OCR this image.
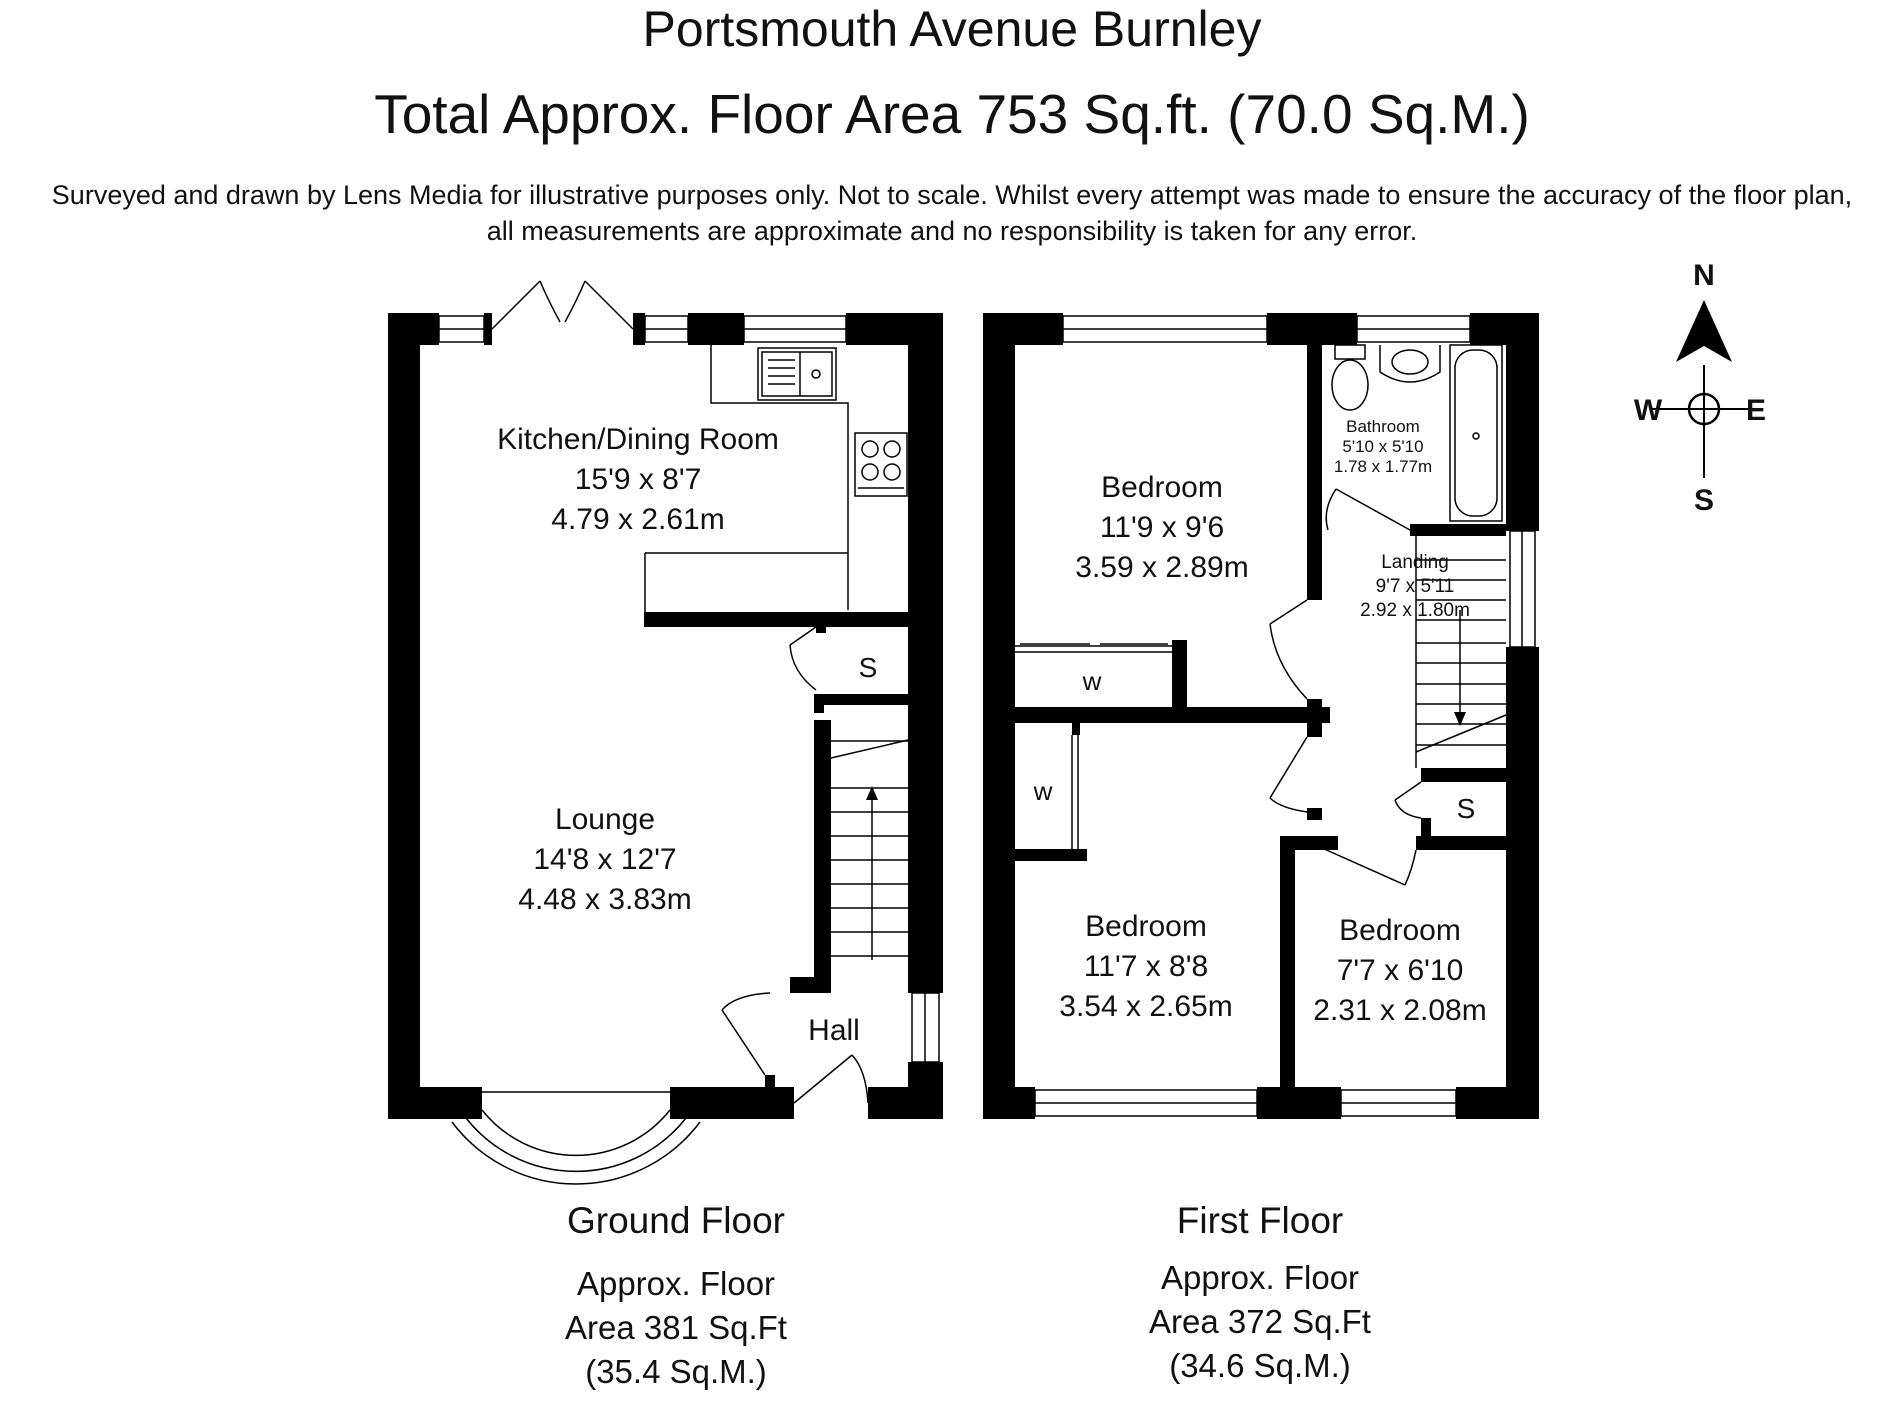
Portsmouth Avenue Burnley
Total Approx. Floor Area 753 Sq.ft. (70.0 Sq.M.)
Surveyed and drawn by Lens Media for illustrative purposes only. Not to scale. Whilst every attempt was made to ensure the accuracy of the floor plan,
all measurements are approximate and no responsibility is taken for any error.
N
S
W	E
Kitchen/Dining Room
15'9 x 8'7
4.79 x 2.61m
Lounge
14'8 x 12'7
4.48 x 3.83m
Hall
S
Bedroom
11'9 x 9'6
3.59 x 2.89m
Bathroom
5'10 x 5'10
1.78 x 1.77m
Landing
9'7 x 5'11
2.92 x 1.80m
Bedroom
11'7 x 8'8
3.54 x 2.65m
Bedroom
7'7 x 6'10
2.31 x 2.08m
w
w
S
Ground Floor
Approx. Floor
Area 381 Sq.Ft
(35.4 Sq.M.)
First Floor
Approx. Floor
Area 372 Sq.Ft
(34.6 Sq.M.)
